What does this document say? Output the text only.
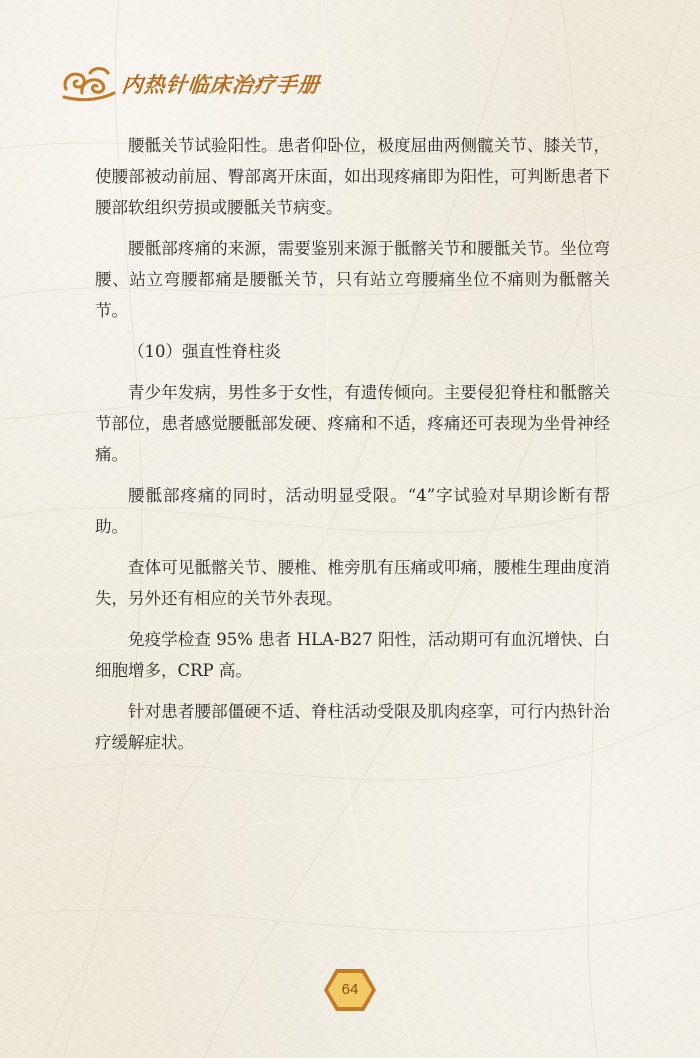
内热针临床治疗手册

腰骶关节试验阳性。患者仰卧位，极度屈曲两侧髋关节、膝关节，使腰部被动前屈、臀部离开床面，如出现疼痛即为阳性，可判断患者下腰部软组织劳损或腰骶关节病变。

腰骶部疼痛的来源，需要鉴别来源于骶髂关节和腰骶关节。坐位弯腰、站立弯腰都痛是腰骶关节，只有站立弯腰痛坐位不痛则为骶髂关节。

（10）强直性脊柱炎

青少年发病，男性多于女性，有遗传倾向。主要侵犯脊柱和骶髂关节部位，患者感觉腰骶部发硬、疼痛和不适，疼痛还可表现为坐骨神经痛。

腰骶部疼痛的同时，活动明显受限。“4”字试验对早期诊断有帮助。

查体可见骶髂关节、腰椎、椎旁肌有压痛或叩痛，腰椎生理曲度消失，另外还有相应的关节外表现。

免疫学检查 95% 患者 HLA-B27 阳性，活动期可有血沉增快、白细胞增多，CRP 高。

针对患者腰部僵硬不适、脊柱活动受限及肌肉痉挛，可行内热针治疗缓解症状。

64
